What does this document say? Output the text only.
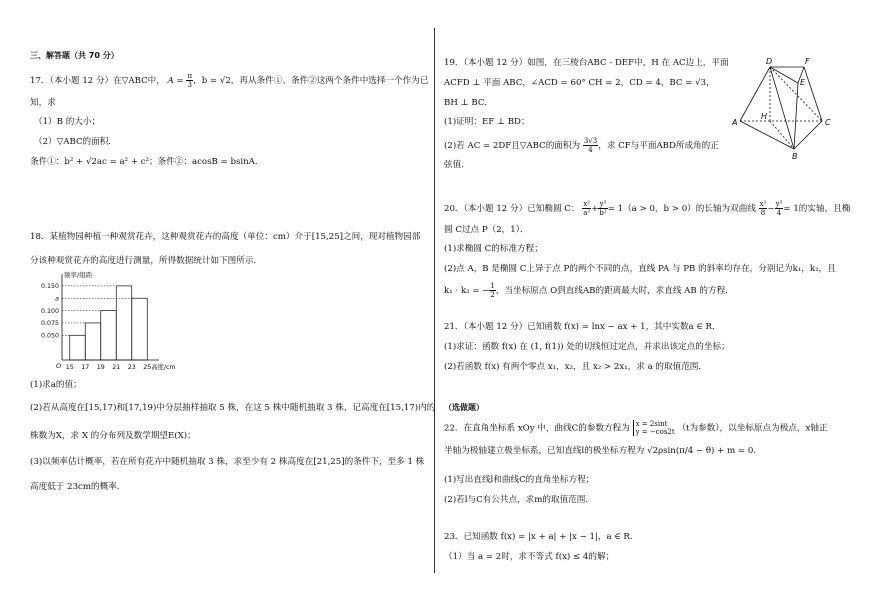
三、解答题（共 70 分）
17．（本小题 12 分）在▽ABC中， $A = \frac{\pi}{3}$ ，b = √2，再从条件①、条件②这两个条件中选择一个作为已
知，求
（1）B 的大小；
（2）▽ABC的面积．
条件①：b² + √2ac = a² + c²；条件②：acosB = bsinA．
18．某植物园种植一种观赏花卉，这种观赏花卉的高度（单位：cm）介于[15,25]之间，现对植物园部
分该种观赏花卉的高度进行测量，所得数据统计如下图所示．
频率/组距
0.150
a
0.100
0.075
0.050
15 17 19 21 23 25 高度/cm
O
(1)求a的值；
(2)若从高度在[15,17)和[17,19)中分层抽样抽取 5 株，在这 5 株中随机抽取 3 株，记高度在[15,17)内的
株数为X，求 X 的分布列及数学期望E(X)；
(3)以频率估计概率，若在所有花卉中随机抽取 3 株，求至少有 2 株高度在[21,25]的条件下，至多 1 株
高度低于 23cm的概率．
19．（本小题 12 分）如图，在三棱台ABC - DEF中，H 在 AC边上，平面
ACFD ⊥ 平面 ABC，∠ACD = 60° CH = 2，CD = 4，BC = √3，
BH ⊥ BC．
(1)证明：EF ⊥ BD；
(2)若 AC = 2DF且▽ABC的面积为 $\frac{3√3}{4}$ ，求 CF与平面ABD所成角的正
弦值．
D	F
E
A
H
C
B
20．（本小题 12 分）已知椭圆 C： $\frac{\text{x²}}{\text{a²}} + \frac{\text{y²}}{\text{b²}} = 1(a > 0$，b > 0）的长轴为双曲线 $\frac{\text{x²}}{8} - \frac{\text{y²}}{4} = 1$的实轴，且椭
圆 C过点 P（2，1）．
(1)求椭圆 C的标准方程；
(2)点 A，B 是椭圆 C上异于点 P的两个不同的点，直线 PA 与 PB 的斜率均存在，分别记为k₁，k₂，且
k₁ · k₂ = − $\frac{1}{2}$ ，当坐标原点 O到直线AB的距离最大时，求直线 AB 的方程．
21．（本小题 12 分）已知函数 f(x) = lnx − ax + 1，其中实数a ∈ R．
(1)求证：函数 f(x) 在 (1, f(1)) 处的切线恒过定点，并求出该定点的坐标；
(2)若函数 f(x) 有两个零点 x₁，x₂，且 x₂ > 2x₁，求 a 的取值范围．
（选做题）
22．在直角坐标系 xOy 中，曲线C的参数方程为 x = 2sint
y = −cos2t （t为参数），以坐标原点为极点，x轴正
半轴为极轴建立极坐标系，已知直线l的极坐标方程为 √2ρsin(π/4 − θ) + m = 0．
(1)写出直线l和曲线C的直角坐标方程；
(2)若l与C有公共点，求m的取值范围．
23．已知函数 f(x) = |x + a| + |x − 1|，a ∈ R．
（1）当 a = 2时，求不等式 f(x) ≤ 4的解；
